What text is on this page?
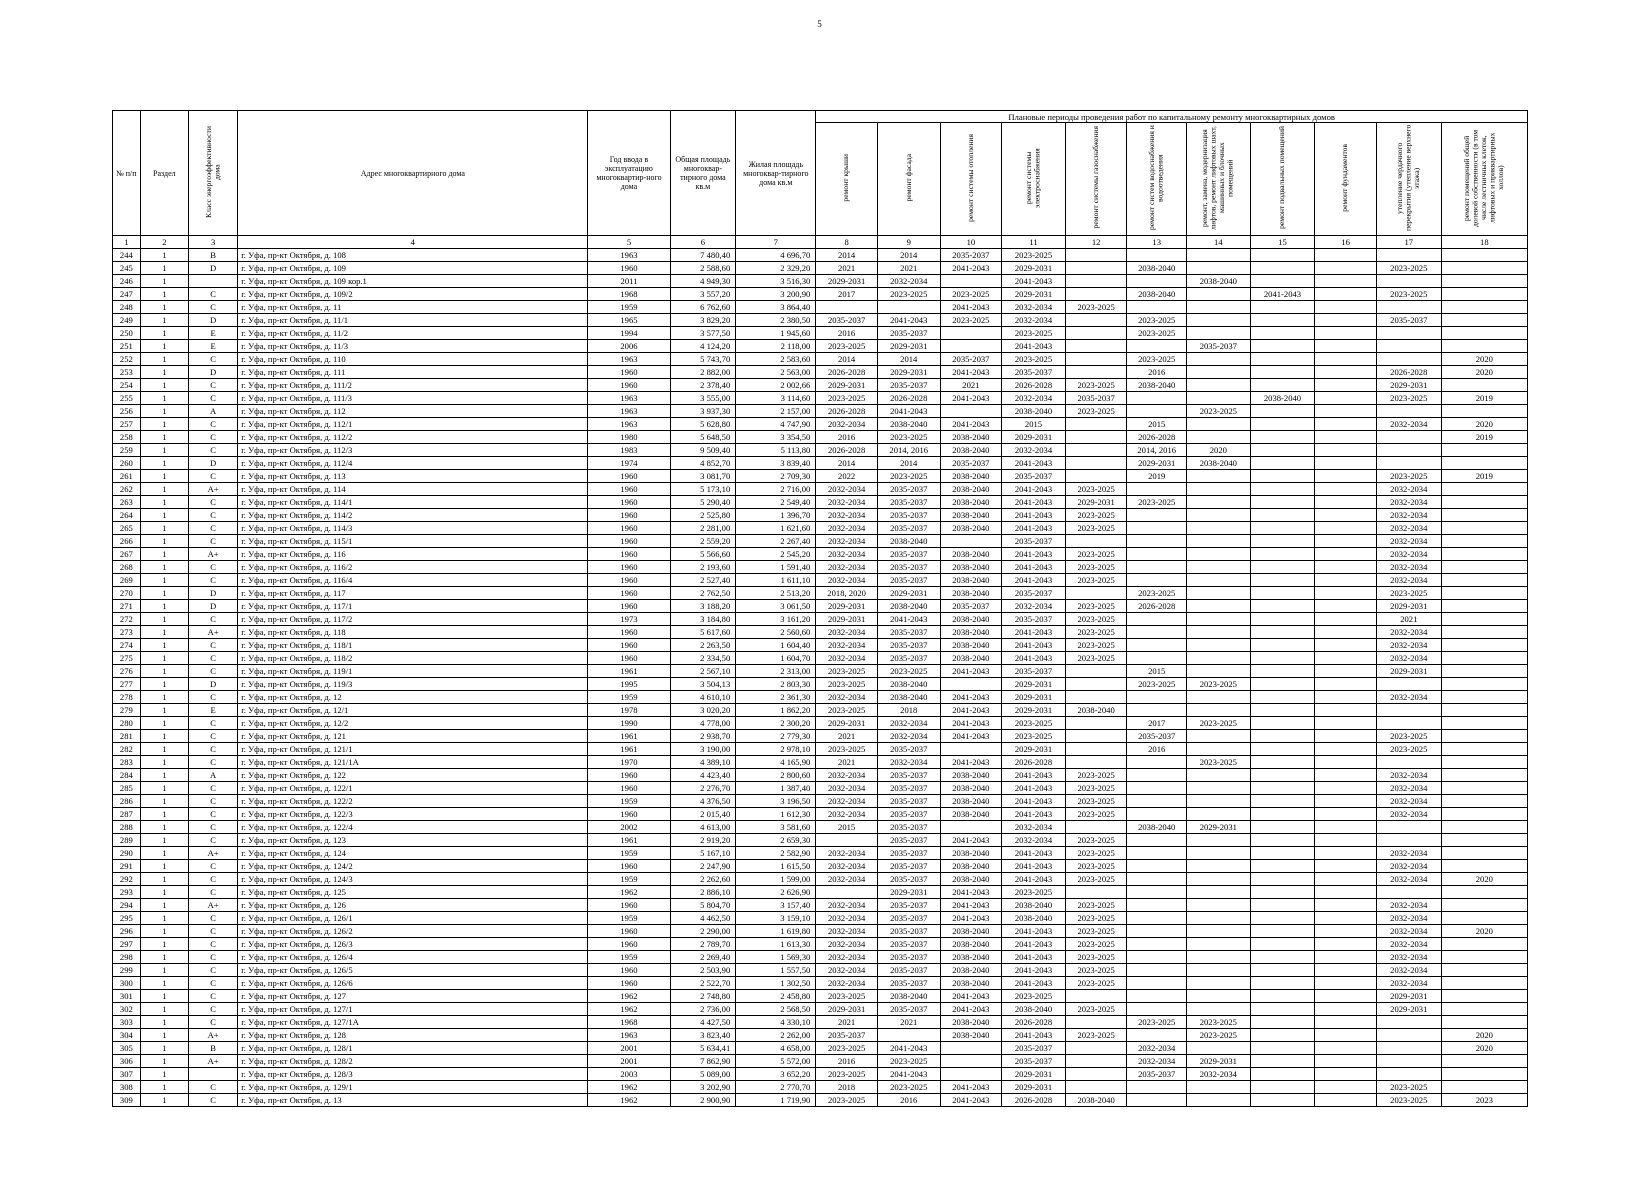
5
№ п/п	Раздел	Класс энергоэффективности дома	Адрес многоквартирного дома	Год ввода в эксплуатацию многоквартир-ного дома	Общая площадь многоквар-тирного дома кв.м	Жилая площадь многоквар-тирного дома кв.м	Плановые периоды проведения работ по капитальному ремонту многоквартирных домов										
							ремонт крыши	ремонт фасада	ремонт системы отопления	ремонт системы электроснабжения	ремонт системы газоснабжения	ремонт систем водоснабжения и водоотведения	ремонт, замена, модернизация лифтов, ремонт лифтовых шахт, машинных и блочных помещений	ремонт подвальных помещений	ремонт фундаментов	утепление чердачного перекрытия (утепление верхнего этажа)	ремонт помещений общей долевой собственности (в том числе лестничных клеток, лифтовых и приквартирных холлов)
1	2	3	4	5	6	7	8	9	10	11	12	13	14	15	16	17	18
244	1	B	г. Уфа, пр-кт Октября, д. 108	1963	7 480,40	4 696,70	2014	2014	2035-2037	2023-2025							
245	1	D	г. Уфа, пр-кт Октября, д. 109	1960	2 588,60	2 329,20	2021	2021	2041-2043	2029-2031		2038-2040				2023-2025	
246	1		г. Уфа, пр-кт Октября, д. 109 кор.1	2011	4 949,30	3 516,30	2029-2031	2032-2034		2041-2043			2038-2040				
247	1	C	г. Уфа, пр-кт Октября, д. 109/2	1968	3 557,20	3 200,90	2017	2023-2025	2023-2025	2029-2031		2038-2040		2041-2043		2023-2025	
248	1	C	г. Уфа, пр-кт Октября, д. 11	1959	6 762,60	3 864,40			2041-2043	2032-2034	2023-2025						
249	1	D	г. Уфа, пр-кт Октября, д. 11/1	1965	3 829,20	2 380,50	2035-2037	2041-2043	2023-2025	2032-2034		2023-2025				2035-2037	
250	1	E	г. Уфа, пр-кт Октября, д. 11/2	1994	3 577,50	1 945,60	2016	2035-2037		2023-2025		2023-2025					
251	1	E	г. Уфа, пр-кт Октября, д. 11/3	2006	4 124,20	2 118,00	2023-2025	2029-2031		2041-2043			2035-2037				
252	1	C	г. Уфа, пр-кт Октября, д. 110	1963	5 743,70	2 583,60	2014	2014	2035-2037	2023-2025		2023-2025					2020
253	1	D	г. Уфа, пр-кт Октября, д. 111	1960	2 882,00	2 563,00	2026-2028	2029-2031	2041-2043	2035-2037		2016				2026-2028	2020
254	1	C	г. Уфа, пр-кт Октября, д. 111/2	1960	2 378,40	2 002,66	2029-2031	2035-2037	2021	2026-2028	2023-2025	2038-2040				2029-2031	
255	1	C	г. Уфа, пр-кт Октября, д. 111/3	1963	3 555,00	3 114,60	2023-2025	2026-2028	2041-2043	2032-2034	2035-2037			2038-2040		2023-2025	2019
256	1	A	г. Уфа, пр-кт Октября, д. 112	1963	3 937,30	2 157,00	2026-2028	2041-2043		2038-2040	2023-2025		2023-2025				
257	1	C	г. Уфа, пр-кт Октября, д. 112/1	1963	5 628,80	4 747,90	2032-2034	2038-2040	2041-2043	2015		2015				2032-2034	2020
258	1	C	г. Уфа, пр-кт Октября, д. 112/2	1980	5 648,50	3 354,50	2016	2023-2025	2038-2040	2029-2031		2026-2028					2019
259	1	C	г. Уфа, пр-кт Октября, д. 112/3	1983	9 509,40	5 113,80	2026-2028	2014, 2016	2038-2040	2032-2034		2014, 2016	2020				
260	1	D	г. Уфа, пр-кт Октября, д. 112/4	1974	4 852,70	3 839,40	2014	2014	2035-2037	2041-2043		2029-2031	2038-2040				
261	1	C	г. Уфа, пр-кт Октября, д. 113	1960	3 081,70	2 709,30	2022	2023-2025	2038-2040	2035-2037		2019				2023-2025	2019
262	1	A+	г. Уфа, пр-кт Октября, д. 114	1960	5 173,10	2 716,00	2032-2034	2035-2037	2038-2040	2041-2043	2023-2025					2032-2034	
263	1	C	г. Уфа, пр-кт Октября, д. 114/1	1960	5 290,40	2 549,40	2032-2034	2035-2037	2038-2040	2041-2043	2029-2031	2023-2025				2032-2034	
264	1	C	г. Уфа, пр-кт Октября, д. 114/2	1960	2 525,80	1 396,70	2032-2034	2035-2037	2038-2040	2041-2043	2023-2025					2032-2034	
265	1	C	г. Уфа, пр-кт Октября, д. 114/3	1960	2 281,00	1 621,60	2032-2034	2035-2037	2038-2040	2041-2043	2023-2025					2032-2034	
266	1	C	г. Уфа, пр-кт Октября, д. 115/1	1960	2 559,20	2 267,40	2032-2034	2038-2040		2035-2037						2032-2034	
267	1	A+	г. Уфа, пр-кт Октября, д. 116	1960	5 566,60	2 545,20	2032-2034	2035-2037	2038-2040	2041-2043	2023-2025					2032-2034	
268	1	C	г. Уфа, пр-кт Октября, д. 116/2	1960	2 193,60	1 591,40	2032-2034	2035-2037	2038-2040	2041-2043	2023-2025					2032-2034	
269	1	C	г. Уфа, пр-кт Октября, д. 116/4	1960	2 527,40	1 611,10	2032-2034	2035-2037	2038-2040	2041-2043	2023-2025					2032-2034	
270	1	D	г. Уфа, пр-кт Октября, д. 117	1960	2 762,50	2 513,20	2018, 2020	2029-2031	2038-2040	2035-2037		2023-2025				2023-2025	
271	1	D	г. Уфа, пр-кт Октября, д. 117/1	1960	3 188,20	3 061,50	2029-2031	2038-2040	2035-2037	2032-2034	2023-2025	2026-2028				2029-2031	
272	1	C	г. Уфа, пр-кт Октября, д. 117/2	1973	3 184,80	3 161,20	2029-2031	2041-2043	2038-2040	2035-2037	2023-2025					2021	
273	1	A+	г. Уфа, пр-кт Октября, д. 118	1960	5 617,60	2 560,60	2032-2034	2035-2037	2038-2040	2041-2043	2023-2025					2032-2034	
274	1	C	г. Уфа, пр-кт Октября, д. 118/1	1960	2 263,50	1 604,40	2032-2034	2035-2037	2038-2040	2041-2043	2023-2025					2032-2034	
275	1	C	г. Уфа, пр-кт Октября, д. 118/2	1960	2 334,50	1 604,70	2032-2034	2035-2037	2038-2040	2041-2043	2023-2025					2032-2034	
276	1	C	г. Уфа, пр-кт Октября, д. 119/1	1961	2 567,10	2 313,00	2023-2025	2023-2025	2041-2043	2035-2037		2015				2029-2031	
277	1	D	г. Уфа, пр-кт Октября, д. 119/3	1995	3 504,13	2 803,30	2023-2025	2038-2040		2029-2031		2023-2025	2023-2025				
278	1	C	г. Уфа, пр-кт Октября, д. 12	1959	4 610,10	2 361,30	2032-2034	2038-2040	2041-2043	2029-2031						2032-2034	
279	1	E	г. Уфа, пр-кт Октября, д. 12/1	1978	3 020,20	1 862,20	2023-2025	2018	2041-2043	2029-2031	2038-2040						
280	1	C	г. Уфа, пр-кт Октября, д. 12/2	1990	4 778,00	2 300,20	2029-2031	2032-2034	2041-2043	2023-2025		2017	2023-2025				
281	1	C	г. Уфа, пр-кт Октября, д. 121	1961	2 938,70	2 779,30	2021	2032-2034	2041-2043	2023-2025		2035-2037				2023-2025	
282	1	C	г. Уфа, пр-кт Октября, д. 121/1	1961	3 190,00	2 978,10	2023-2025	2035-2037		2029-2031		2016				2023-2025	
283	1	C	г. Уфа, пр-кт Октября, д. 121/1А	1970	4 389,10	4 165,90	2021	2032-2034	2041-2043	2026-2028			2023-2025				
284	1	A	г. Уфа, пр-кт Октября, д. 122	1960	4 423,40	2 800,60	2032-2034	2035-2037	2038-2040	2041-2043	2023-2025					2032-2034	
285	1	C	г. Уфа, пр-кт Октября, д. 122/1	1960	2 276,70	1 387,40	2032-2034	2035-2037	2038-2040	2041-2043	2023-2025					2032-2034	
286	1	C	г. Уфа, пр-кт Октября, д. 122/2	1959	4 376,50	3 196,50	2032-2034	2035-2037	2038-2040	2041-2043	2023-2025					2032-2034	
287	1	C	г. Уфа, пр-кт Октября, д. 122/3	1960	2 015,40	1 612,30	2032-2034	2035-2037	2038-2040	2041-2043	2023-2025					2032-2034	
288	1	C	г. Уфа, пр-кт Октября, д. 122/4	2002	4 613,00	3 581,60	2015	2035-2037		2032-2034		2038-2040	2029-2031				
289	1	C	г. Уфа, пр-кт Октября, д. 123	1961	2 919,20	2 659,30		2035-2037	2041-2043	2032-2034	2023-2025						
290	1	A+	г. Уфа, пр-кт Октября, д. 124	1959	5 167,10	2 582,90	2032-2034	2035-2037	2038-2040	2041-2043	2023-2025					2032-2034	
291	1	C	г. Уфа, пр-кт Октября, д. 124/2	1960	2 247,90	1 615,50	2032-2034	2035-2037	2038-2040	2041-2043	2023-2025					2032-2034	
292	1	C	г. Уфа, пр-кт Октября, д. 124/3	1959	2 262,60	1 599,00	2032-2034	2035-2037	2038-2040	2041-2043	2023-2025					2032-2034	2020
293	1	C	г. Уфа, пр-кт Октября, д. 125	1962	2 886,10	2 626,90		2029-2031	2041-2043	2023-2025							
294	1	A+	г. Уфа, пр-кт Октября, д. 126	1960	5 804,70	3 157,40	2032-2034	2035-2037	2041-2043	2038-2040	2023-2025					2032-2034	
295	1	C	г. Уфа, пр-кт Октября, д. 126/1	1959	4 462,50	3 159,10	2032-2034	2035-2037	2041-2043	2038-2040	2023-2025					2032-2034	
296	1	C	г. Уфа, пр-кт Октября, д. 126/2	1960	2 290,00	1 619,80	2032-2034	2035-2037	2038-2040	2041-2043	2023-2025					2032-2034	2020
297	1	C	г. Уфа, пр-кт Октября, д. 126/3	1960	2 789,70	1 613,30	2032-2034	2035-2037	2038-2040	2041-2043	2023-2025					2032-2034	
298	1	C	г. Уфа, пр-кт Октября, д. 126/4	1959	2 269,40	1 569,30	2032-2034	2035-2037	2038-2040	2041-2043	2023-2025					2032-2034	
299	1	C	г. Уфа, пр-кт Октября, д. 126/5	1960	2 503,90	1 557,50	2032-2034	2035-2037	2038-2040	2041-2043	2023-2025					2032-2034	
300	1	C	г. Уфа, пр-кт Октября, д. 126/6	1960	2 522,70	1 302,50	2032-2034	2035-2037	2038-2040	2041-2043	2023-2025					2032-2034	
301	1	C	г. Уфа, пр-кт Октября, д. 127	1962	2 748,80	2 458,80	2023-2025	2038-2040	2041-2043	2023-2025						2029-2031	
302	1	C	г. Уфа, пр-кт Октября, д. 127/1	1962	2 736,00	2 568,50	2029-2031	2035-2037	2041-2043	2038-2040	2023-2025					2029-2031	
303	1	C	г. Уфа, пр-кт Октября, д. 127/1А	1968	4 427,50	4 330,10	2021	2021	2038-2040	2026-2028		2023-2025	2023-2025				
304	1	A+	г. Уфа, пр-кт Октября, д. 128	1963	3 823,40	2 262,00	2035-2037		2038-2040	2041-2043	2023-2025		2023-2025				2020
305	1	B	г. Уфа, пр-кт Октября, д. 128/1	2001	5 634,41	4 658,00	2023-2025	2041-2043		2035-2037		2032-2034					2020
306	1	A+	г. Уфа, пр-кт Октября, д. 128/2	2001	7 862,90	5 572,00	2016	2023-2025		2035-2037		2032-2034	2029-2031				
307	1		г. Уфа, пр-кт Октября, д. 128/3	2003	5 089,00	3 652,20	2023-2025	2041-2043		2029-2031		2035-2037	2032-2034				
308	1	C	г. Уфа, пр-кт Октября, д. 129/1	1962	3 202,90	2 770,70	2018	2023-2025	2041-2043	2029-2031						2023-2025	
309	1	C	г. Уфа, пр-кт Октября, д. 13	1962	2 900,90	1 719,90	2023-2025	2016	2041-2043	2026-2028	2038-2040					2023-2025	2023
